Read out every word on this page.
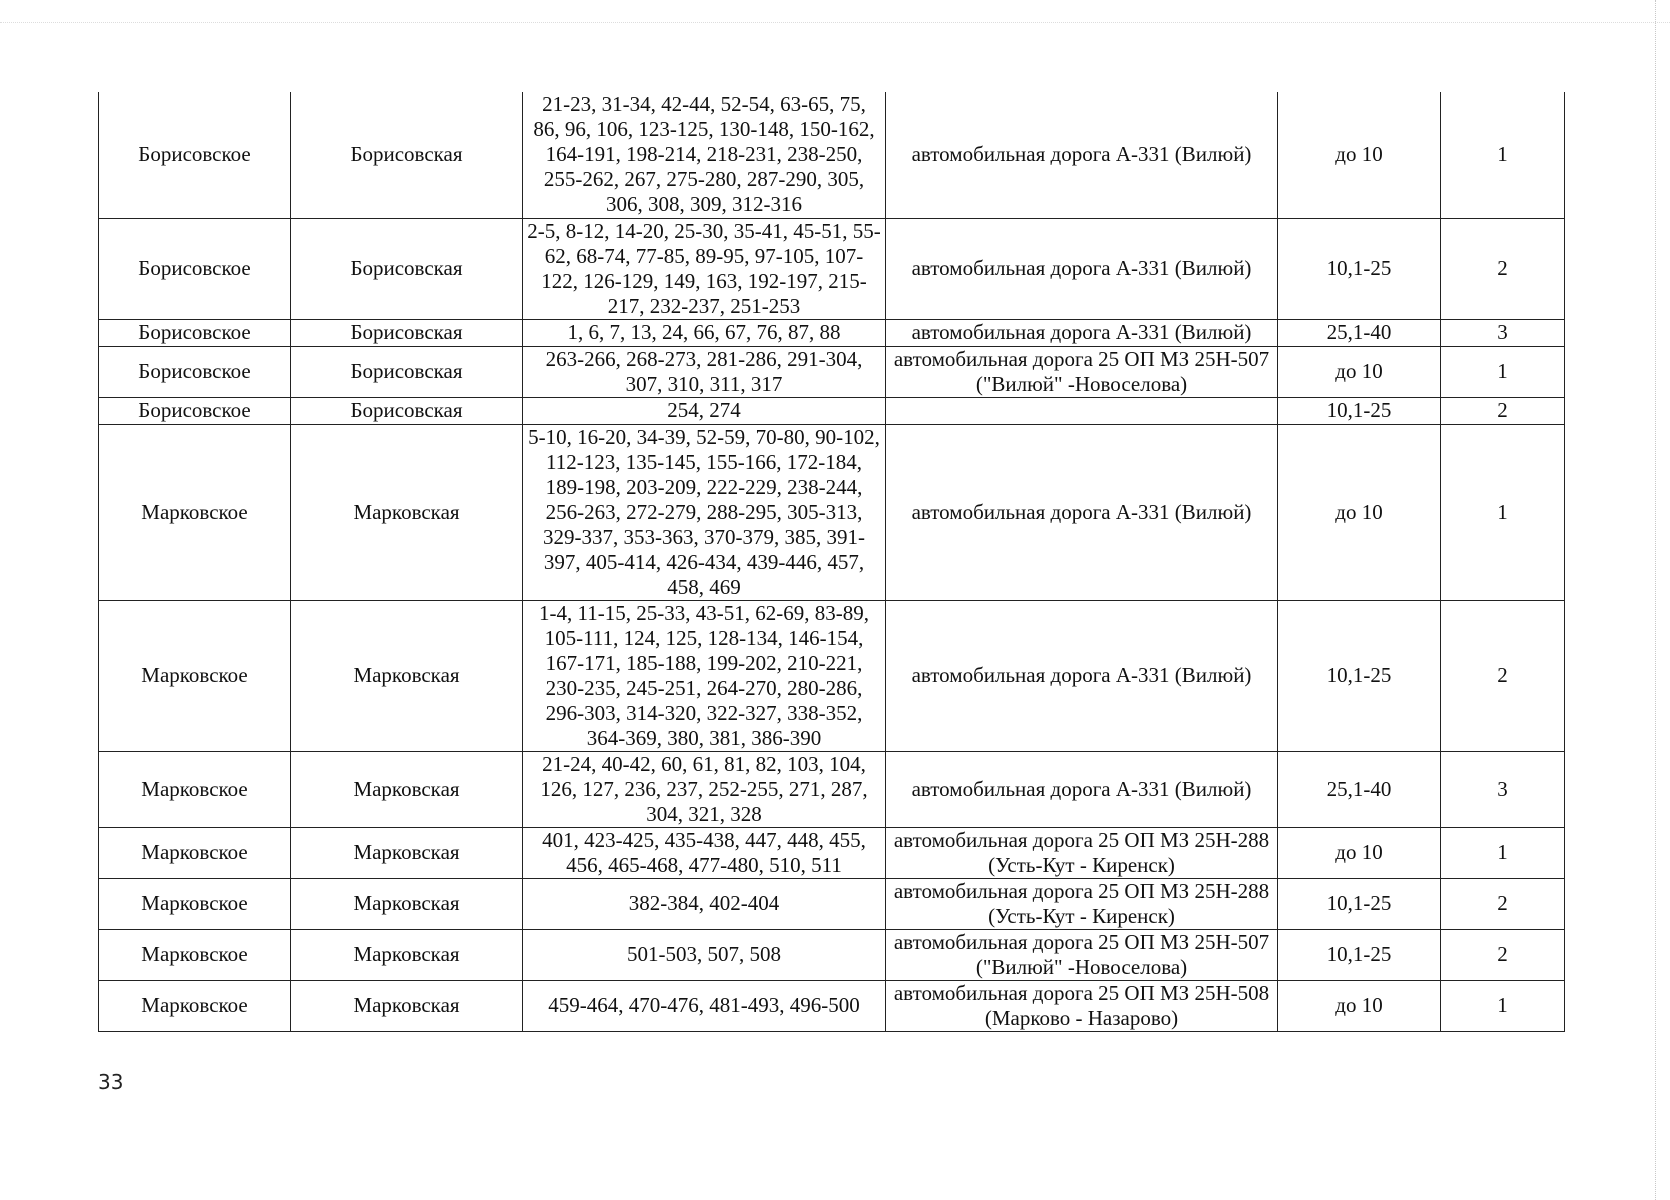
Борисовское	Борисовская	21-23, 31-34, 42-44, 52-54, 63-65, 75, 86, 96, 106, 123-125, 130-148, 150-162, 164-191, 198-214, 218-231, 238-250, 255-262, 267, 275-280, 287-290, 305, 306, 308, 309, 312-316	автомобильная дорога А-331 (Вилюй)	до 10	1
Борисовское	Борисовская	2-5, 8-12, 14-20, 25-30, 35-41, 45-51, 55-62, 68-74, 77-85, 89-95, 97-105, 107-122, 126-129, 149, 163, 192-197, 215-217, 232-237, 251-253	автомобильная дорога А-331 (Вилюй)	10,1-25	2
Борисовское	Борисовская	1, 6, 7, 13, 24, 66, 67, 76, 87, 88	автомобильная дорога А-331 (Вилюй)	25,1-40	3
Борисовское	Борисовская	263-266, 268-273, 281-286, 291-304, 307, 310, 311, 317	автомобильная дорога 25 ОП МЗ 25Н-507 ("Вилюй" -Новоселова)	до 10	1
Борисовское	Борисовская	254, 274		10,1-25	2
Марковское	Марковская	5-10, 16-20, 34-39, 52-59, 70-80, 90-102, 112-123, 135-145, 155-166, 172-184, 189-198, 203-209, 222-229, 238-244, 256-263, 272-279, 288-295, 305-313, 329-337, 353-363, 370-379, 385, 391-397, 405-414, 426-434, 439-446, 457, 458, 469	автомобильная дорога А-331 (Вилюй)	до 10	1
Марковское	Марковская	1-4, 11-15, 25-33, 43-51, 62-69, 83-89, 105-111, 124, 125, 128-134, 146-154, 167-171, 185-188, 199-202, 210-221, 230-235, 245-251, 264-270, 280-286, 296-303, 314-320, 322-327, 338-352, 364-369, 380, 381, 386-390	автомобильная дорога А-331 (Вилюй)	10,1-25	2
Марковское	Марковская	21-24, 40-42, 60, 61, 81, 82, 103, 104, 126, 127, 236, 237, 252-255, 271, 287, 304, 321, 328	автомобильная дорога А-331 (Вилюй)	25,1-40	3
Марковское	Марковская	401, 423-425, 435-438, 447, 448, 455, 456, 465-468, 477-480, 510, 511	автомобильная дорога 25 ОП МЗ 25Н-288 (Усть-Кут - Киренск)	до 10	1
Марковское	Марковская	382-384, 402-404	автомобильная дорога 25 ОП МЗ 25Н-288 (Усть-Кут - Киренск)	10,1-25	2
Марковское	Марковская	501-503, 507, 508	автомобильная дорога 25 ОП МЗ 25Н-507 ("Вилюй" -Новоселова)	10,1-25	2
Марковское	Марковская	459-464, 470-476, 481-493, 496-500	автомобильная дорога 25 ОП МЗ 25Н-508 (Марково - Назарово)	до 10	1
33
